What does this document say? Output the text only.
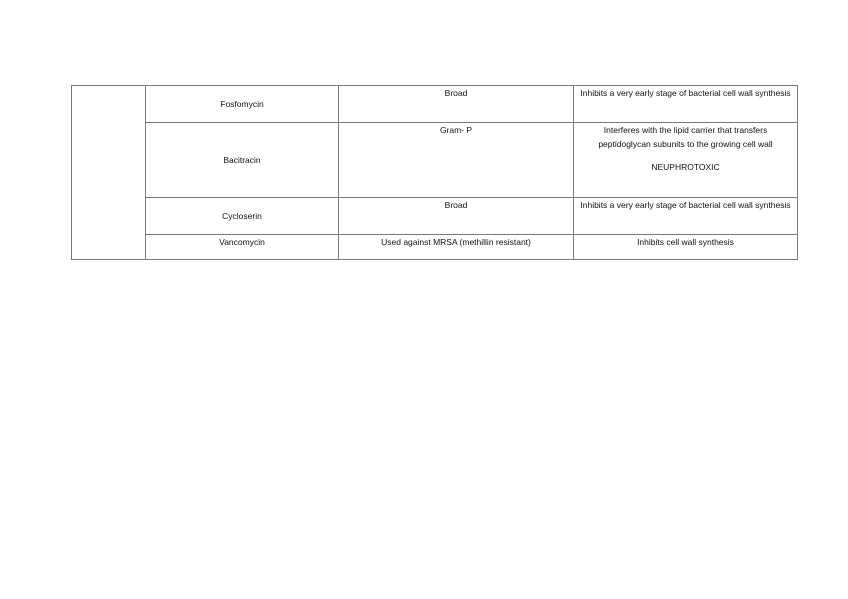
	Fosfomycin	Broad	Inhibits a very early stage of bacterial cell wall synthesis
	Bacitracin	Gram- P	Interferes with the lipid carrier that transfers peptidoglycan subunits to the growing cell wall
NEUPHROTOXIC

	Cycloserin	Broad	Inhibits a very early stage of bacterial cell wall synthesis
	Vancomycin	Used against MRSA (methillin resistant)	Inhibits cell wall synthesis
